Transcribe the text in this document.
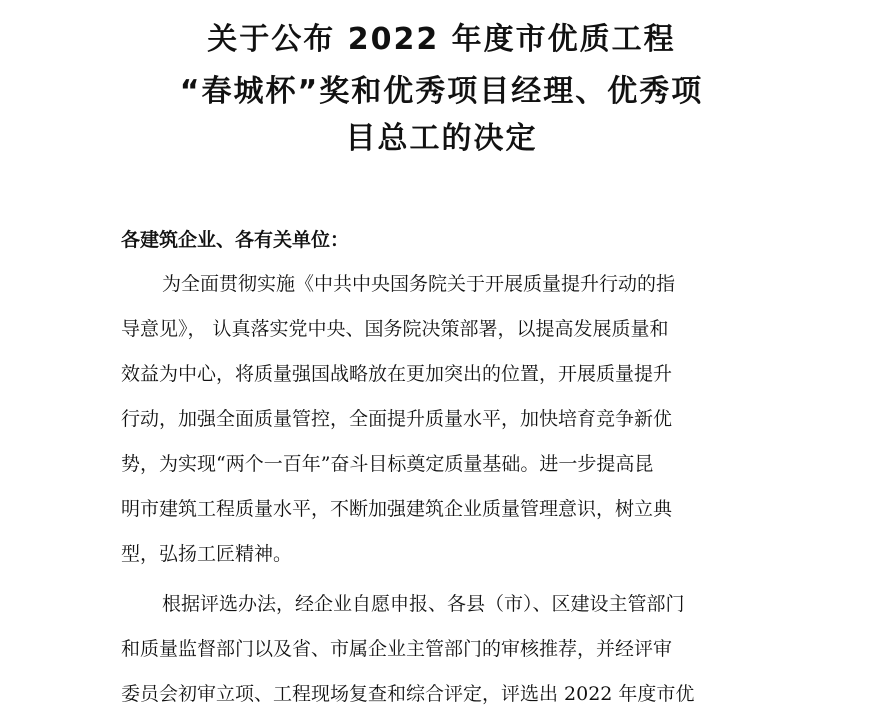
关于公布 2022 年度市优质工程
“春城杯”奖和优秀项目经理、优秀项
目总工的决定

各建筑企业、各有关单位：

为全面贯彻实施《中共中央国务院关于开展质量提升行动的指

导意见》， 认真落实党中央、国务院决策部署，以提高发展质量和

效益为中心，将质量强国战略放在更加突出的位置，开展质量提升

行动，加强全面质量管控，全面提升质量水平，加快培育竞争新优

势，为实现“两个一百年”奋斗目标奠定质量基础。进一步提高昆

明市建筑工程质量水平，不断加强建筑企业质量管理意识，树立典

型，弘扬工匠精神。

根据评选办法，经企业自愿申报、各县（市）、区建设主管部门

和质量监督部门以及省、市属企业主管部门的审核推荐，并经评审

委员会初审立项、工程现场复查和综合评定，评选出 2022 年度市优
